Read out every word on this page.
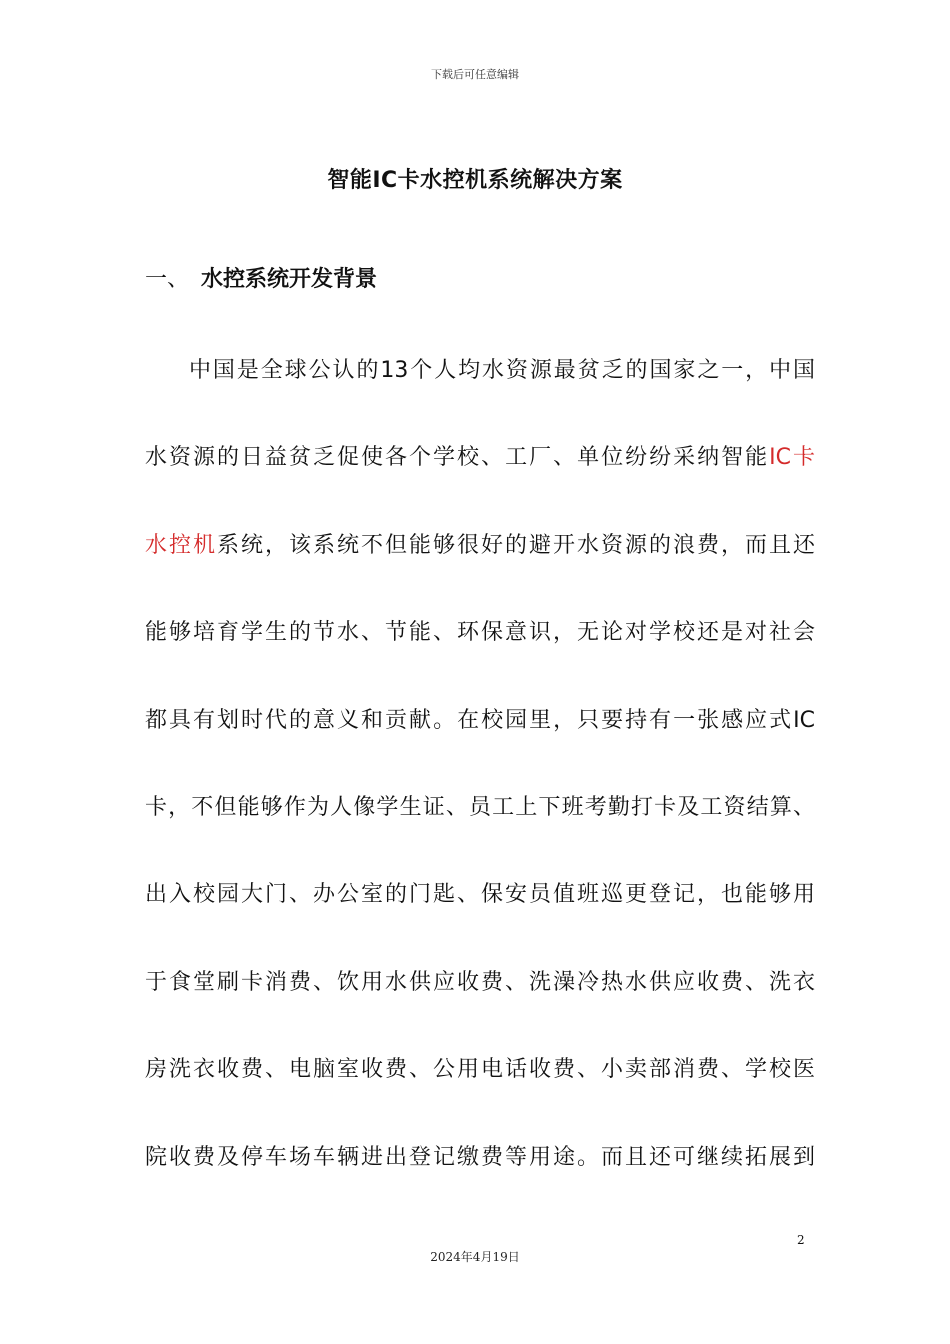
下载后可任意编辑
智能IC卡水控机系统解决方案
一、 水控系统开发背景
中国是全球公认的13个人均水资源最贫乏的国家之一，中国
水资源的日益贫乏促使各个学校、工厂、单位纷纷采纳智能IC卡
水控机系统，该系统不但能够很好的避开水资源的浪费，而且还
能够培育学生的节水、节能、环保意识，无论对学校还是对社会
都具有划时代的意义和贡献。在校园里，只要持有一张感应式IC
卡，不但能够作为人像学生证、员工上下班考勤打卡及工资结算、
出入校园大门、办公室的门匙、保安员值班巡更登记，也能够用
于食堂刷卡消费、饮用水供应收费、洗澡冷热水供应收费、洗衣
房洗衣收费、电脑室收费、公用电话收费、小卖部消费、学校医
院收费及停车场车辆进出登记缴费等用途。而且还可继续拓展到
2
2024年4月19日
